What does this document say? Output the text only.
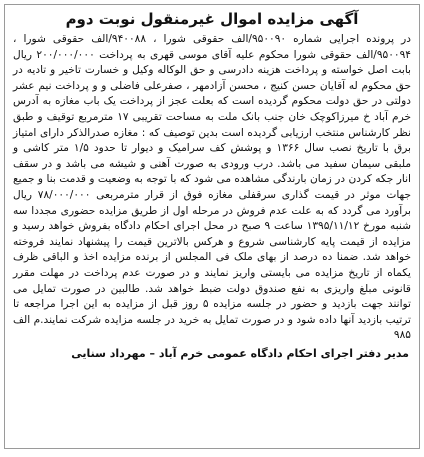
آگهی مزایده اموال غیرمنقول نوبت دوم
در پرونده اجرایی شماره ۹۵۰۰۹۰/الف حقوقی شورا ، ۹۴۰۰۸۸/الف حقوقی شورا ، ۹۵۰۰۹۴/الف حقوقی شورا محکوم علیه آقای موسی قهری به پرداخت ۲۰۰/۰۰۰/۰۰۰ ریال بابت اصل خواسته و پرداخت هزینه دادرسی و حق الوکاله وکیل و خسارت تاخیر و تادیه در حق محکوم له آقایان حسن کنیج ، محسن آزادمهر ، صفرعلی فاضلی و و پرداخت نیم عشر دولتی در حق دولت محکوم گردیده است که بعلت عجز از پرداخت یک باب مغازه به آدرس خرم آباد خ میرزاکوچک خان جنب بانک ملت به مساحت تقریبی ۱۷ مترمربع توقیف و طبق نظر کارشناس منتخب ارزیابی گردیده است بدین توصیف که : مغازه صدرالذکر دارای امتیاز برق با تاریخ نصب سال ۱۳۶۶ و پوشش کف سرامیک و دیوار تا حدود ۱/۵ متر کاشی و ملبقی سیمان سفید می باشد. درب ورودی به صورت آهنی و شیشه می باشد و در سقف انار جکه کردن در زمان بارندگی مشاهده می شود که با توجه به وضعیت و قدمت بنا و جمیع جهات موثر در قیمت گذاری سرقفلی مغازه فوق از قرار مترمربعی ۷۸/۰۰۰/۰۰۰ ریال برآورد می گردد که به علت عدم فروش در مرحله اول از طریق مزایده حضوری مجددا سه شنبه مورخ ۱۳۹۵/۱۱/۱۲ ساعت ۹ صبح در محل اجرای احکام دادگاه بفروش خواهد رسید و مزایده از قیمت پایه کارشناسی شروع و هرکس بالاترین قیمت را پیشنهاد نمایند فروخته خواهد شد. ضمنا ده درصد از بهای ملک فی المجلس از برنده مزایده اخذ و الباقی ظرف یکماه از تاریخ مزایده می بایستی واریز نمایند و در صورت عدم پرداخت در مهلت مقرر قانونی مبلغ واریزی به نفع صندوق دولت ضبط خواهد شد. طالبین در صورت تمایل می توانند جهت بازدید و حضور در جلسه مزایده ۵ روز قبل از مزایده به این اجرا مراجعه تا ترتیب بازدید آنها داده شود و در صورت تمایل به خرید در جلسه مزایده شرکت نمایند.م الف ۹۸۵
مدیر دفتر اجرای احکام دادگاه عمومی خرم آباد – مهرداد سنایی
